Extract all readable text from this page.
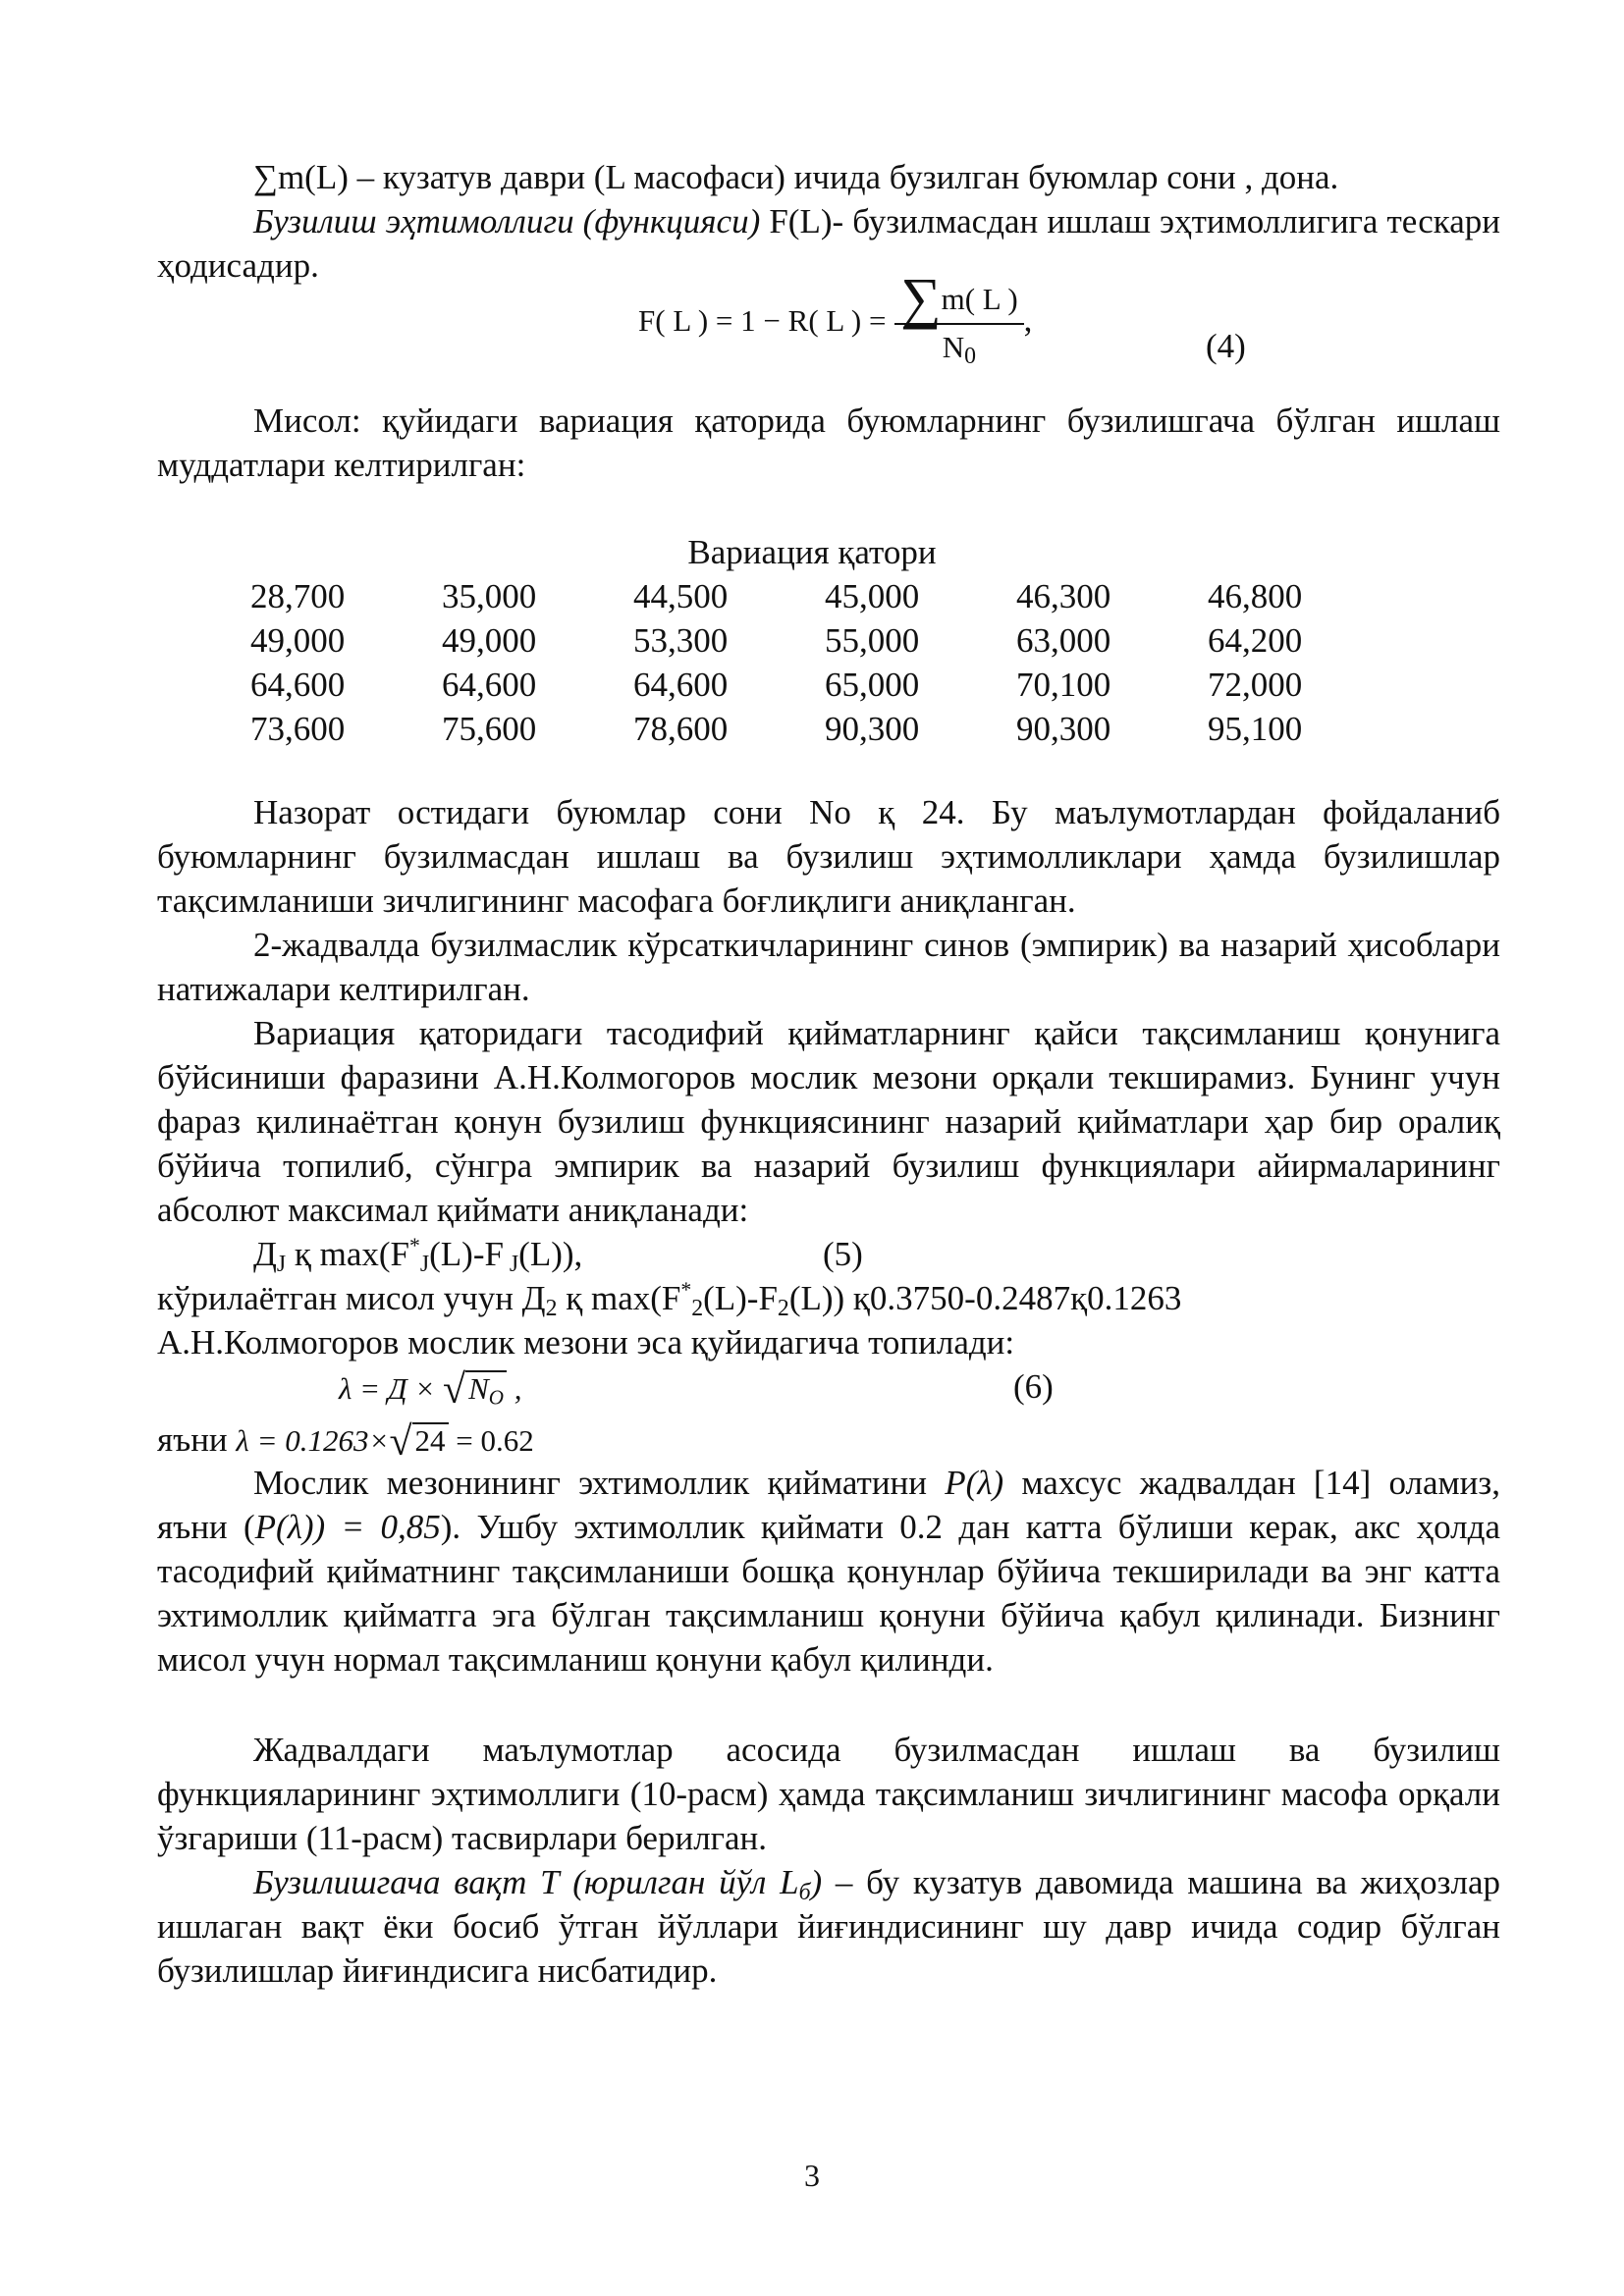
∑m(L) – кузатув даври (L масофаси) ичида бузилган буюмлар сони , дона.

Бузилиш эҳтимоллиги (функцияси) F(L)- бузилмасдан ишлаш эҳтимоллигига тескари ҳодисадир.

F( L ) = 1 − R( L ) = $\frac{\sum m( L )}{N_0}$ ,
(4)

Мисол: қуйидаги вариация қаторида буюмларнинг бузилишгача бўлган ишлаш муддатлари келтирилган:

Вариация қатори
28,700	35,000	44,500	45,000	46,300	46,800
49,000	49,000	53,300	55,000	63,000	64,200
64,600	64,600	64,600	65,000	70,100	72,000
73,600	75,600	78,600	90,300	90,300	95,100

Назорат остидаги буюмлар сони No қ 24. Бу маълумотлардан фойдаланиб буюмларнинг бузилмасдан ишлаш ва бузилиш эҳтимолликлари ҳамда бузилишлар тақсимланиши зичлигининг масофага боғлиқлиги аниқланган.

2-жадвалда бузилмаслик кўрсаткичларининг синов (эмпирик) ва назарий ҳисоблари натижалари келтирилган.

Вариация қаторидаги тасодифий қийматларнинг қайси тақсимланиш қонунига бўйсиниши фаразини А.Н.Колмогоров мослик мезони орқали текширамиз. Бунинг учун фараз қилинаётган қонун бузилиш функциясининг назарий қийматлари ҳар бир оралиқ бўйича топилиб, сўнгра эмпирик ва назарий бузилиш функциялари айирмаларининг абсолют максимал қиймати аниқланади:

$Д_J$ қ $\max(F^*_J(L)-F$ $_J$(L)),	(5)
кўрилаётган мисол учун $Д_2$ қ $\max(F^*_2(L)-F_2(L))$ қ0.3750-0.2487қ0.1263
А.Н.Колмогоров мослик мезони эса қуйидагича топилади:
$\lambda = Д \times √N_O$ ,	(6)
яъни λ = 0.1263×√24 = 0.62

Мослик мезонининг эхтимоллик қийматини P(λ) махсус жадвалдан [14] оламиз, яъни (P(λ)) = 0,85). Ушбу эхтимоллик қиймати 0.2 дан катта бўлиши керак, акс ҳолда тасодифий қийматнинг тақсимланиши бошқа қонунлар бўйича текширилади ва энг катта эхтимоллик қийматга эга бўлган тақсимланиш қонуни бўйича қабул қилинади. Бизнинг мисол учун нормал тақсимланиш қонуни қабул қилинди.

Жадвалдаги маълумотлар асосида бузилмасдан ишлаш ва бузилиш функцияларининг эҳтимоллиги (10-расм) ҳамда тақсимланиш зичлигининг масофа орқали ўзгариши (11-расм) тасвирлари берилган.

Бузилишгача вақт Т (юрилган йўл $L_б$) – бу кузатув давомида машина ва жиҳозлар ишлаган вақт ёки босиб ўтган йўллари йиғиндисининг шу давр ичида содир бўлган бузилишлар йиғиндисига нисбатидир.

3
